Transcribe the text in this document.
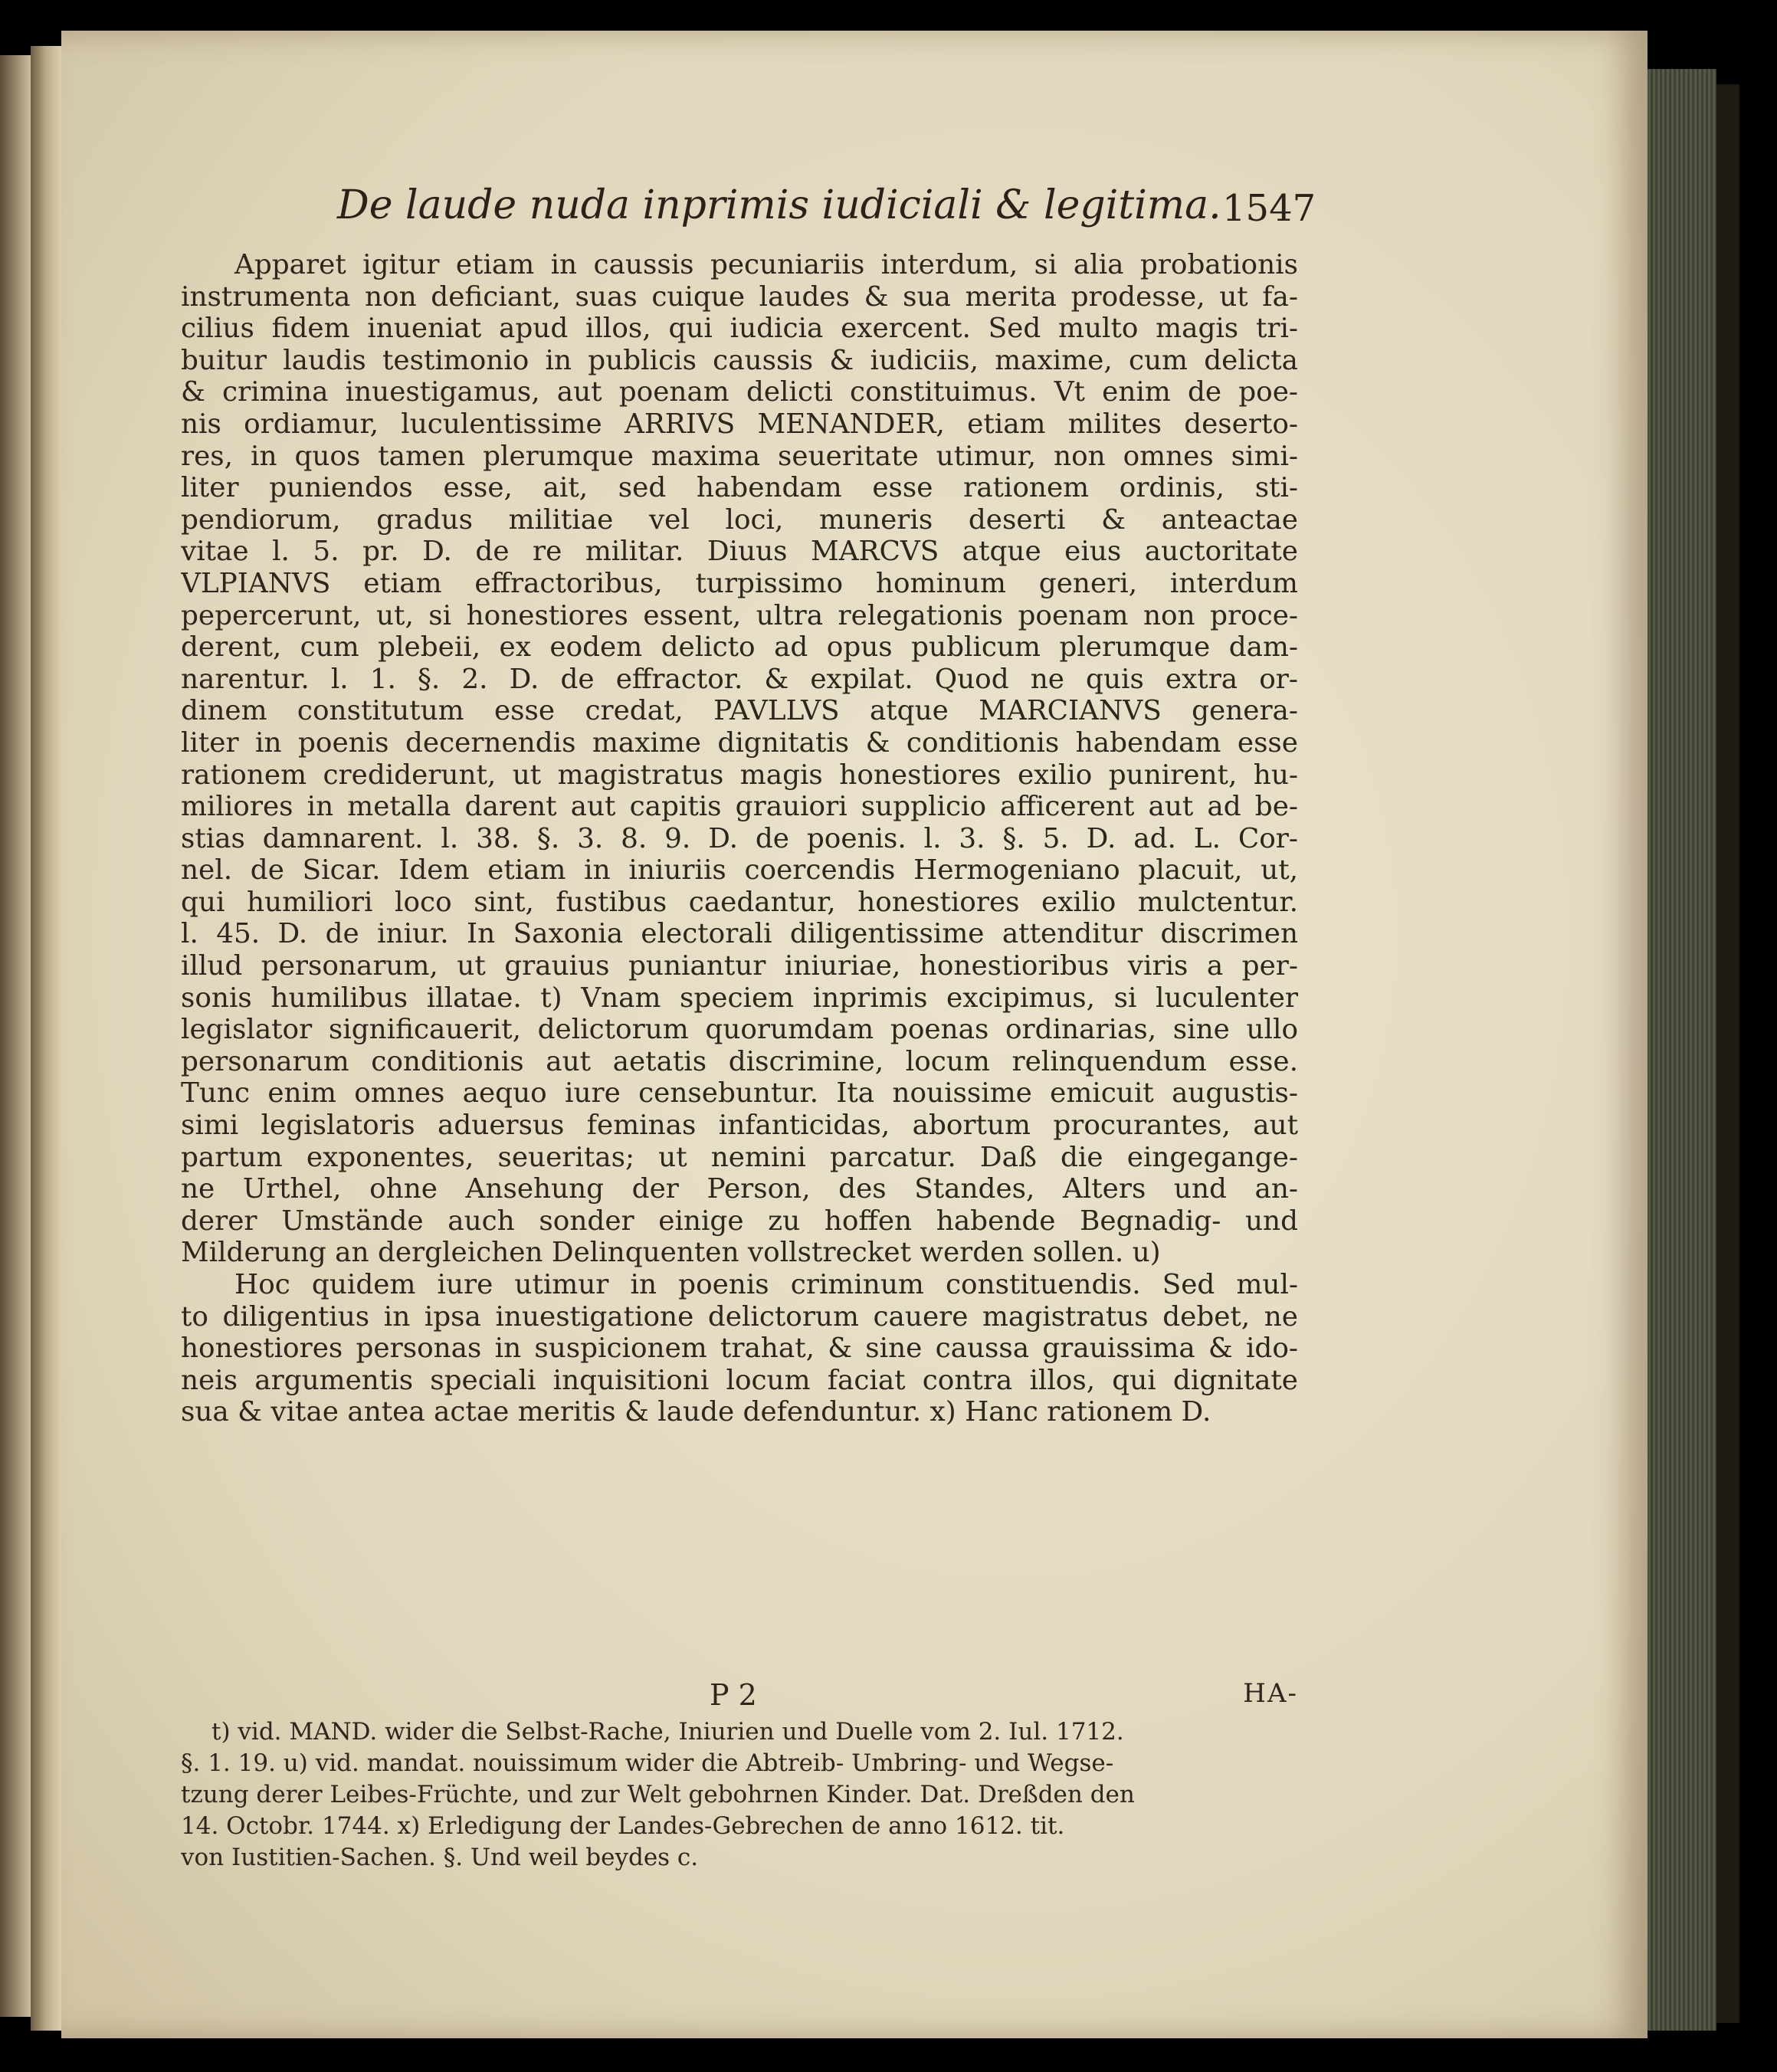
De laude nuda inprimis iudiciali & legitima. 1547
Apparet igitur etiam in caussis pecuniariis interdum, si alia probationis
instrumenta non deficiant, suas cuique laudes & sua merita prodesse, ut fa-
cilius fidem inueniat apud illos, qui iudicia exercent. Sed multo magis tri-
buitur laudis testimonio in publicis caussis & iudiciis, maxime, cum delicta
& crimina inuestigamus, aut poenam delicti constituimus. Vt enim de poe-
nis ordiamur, luculentissime ARRIVS MENANDER, etiam milites deserto-
res, in quos tamen plerumque maxima seueritate utimur, non omnes simi-
liter puniendos esse, ait, sed habendam esse rationem ordinis, sti-
pendiorum, gradus militiae vel loci, muneris deserti & anteactae
vitae l. 5. pr. D. de re militar. Diuus MARCVS atque eius auctoritate
VLPIANVS etiam effractoribus, turpissimo hominum generi, interdum
pepercerunt, ut, si honestiores essent, ultra relegationis poenam non proce-
derent, cum plebeii, ex eodem delicto ad opus publicum plerumque dam-
narentur. l. 1. §. 2. D. de effractor. & expilat. Quod ne quis extra or-
dinem constitutum esse credat, PAVLLVS atque MARCIANVS genera-
liter in poenis decernendis maxime dignitatis & conditionis habendam esse
rationem crediderunt, ut magistratus magis honestiores exilio punirent, hu-
miliores in metalla darent aut capitis grauiori supplicio afficerent aut ad be-
stias damnarent. l. 38. §. 3. 8. 9. D. de poenis. l. 3. §. 5. D. ad. L. Cor-
nel. de Sicar. Idem etiam in iniuriis coercendis Hermogeniano placuit, ut,
qui humiliori loco sint, fustibus caedantur, honestiores exilio mulctentur.
l. 45. D. de iniur. In Saxonia electorali diligentissime attenditur discrimen
illud personarum, ut grauius puniantur iniuriae, honestioribus viris a per-
sonis humilibus illatae. t) Vnam speciem inprimis excipimus, si luculenter
legislator significauerit, delictorum quorumdam poenas ordinarias, sine ullo
personarum conditionis aut aetatis discrimine, locum relinquendum esse.
Tunc enim omnes aequo iure censebuntur. Ita nouissime emicuit augustis-
simi legislatoris aduersus feminas infanticidas, abortum procurantes, aut
partum exponentes, seueritas; ut nemini parcatur. Daß die eingegange-
ne Urthel, ohne Ansehung der Person, des Standes, Alters und an-
derer Umstände auch sonder einige zu hoffen habende Begnadig- und
Milderung an dergleichen Delinquenten vollstrecket werden sollen. u)
Hoc quidem iure utimur in poenis criminum constituendis. Sed mul-
to diligentius in ipsa inuestigatione delictorum cauere magistratus debet, ne
honestiores personas in suspicionem trahat, & sine caussa grauissima & ido-
neis argumentis speciali inquisitioni locum faciat contra illos, qui dignitate
sua & vitae antea actae meritis & laude defenduntur. x) Hanc rationem D.
P 2	HA-
t) vid. MAND. wider die Selbst-Rache, Iniurien und Duelle vom 2. Iul. 1712.
§. 1. 19. u) vid. mandat. nouissimum wider die Abtreib- Umbring- und Wegse-
tzung derer Leibes-Früchte, und zur Welt gebohrnen Kinder. Dat. Dreßden den
14. Octobr. 1744. x) Erledigung der Landes-Gebrechen de anno 1612. tit.
von Iustitien-Sachen. §. Und weil beydes c.
